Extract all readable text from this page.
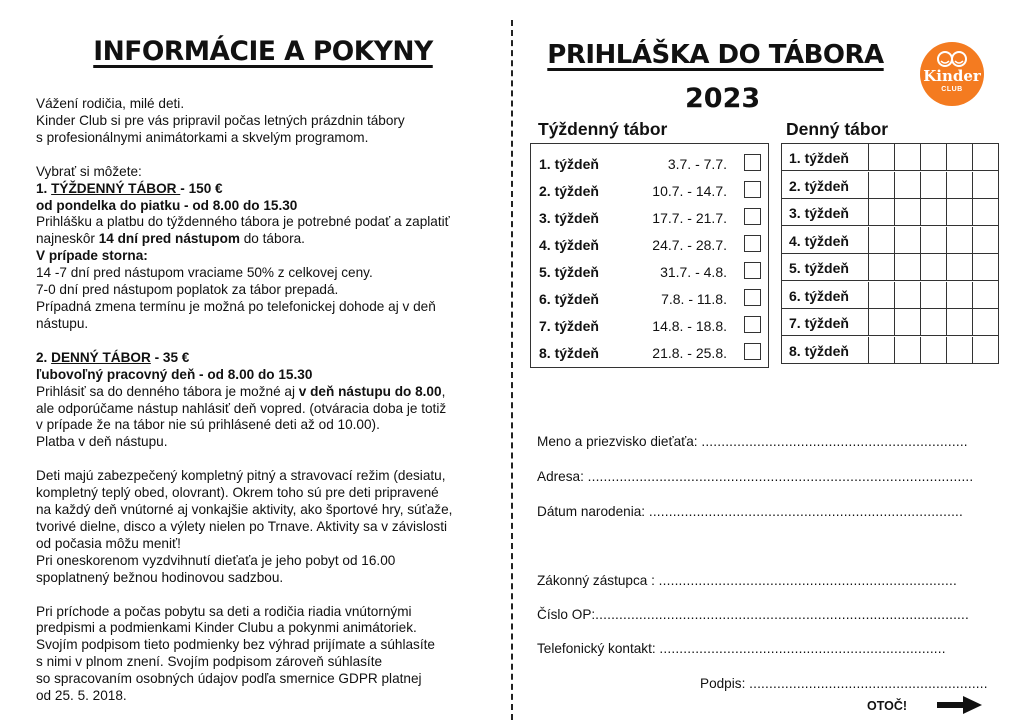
INFORMÁCIE A POKYNY

Vážení rodičia, milé deti.

Kinder Club si pre vás pripravil počas letných prázdnin tábory

s profesionálnymi animátorkami a skvelým programom.

Vybrať si môžete:

1. TÝŽDENNÝ TÁBOR - 150 €

od pondelka do piatku - od 8.00 do 15.30

Prihlášku a platbu do týždenného tábora je potrebné podať a zaplatiť

najneskôr 14 dní pred nástupom do tábora.

V prípade storna:

14 -7 dní pred nástupom vraciame 50% z celkovej ceny.

7-0 dní pred nástupom poplatok za tábor prepadá.

Prípadná zmena termínu je možná po telefonickej dohode aj v deň

nástupu.

2. DENNÝ TÁBOR - 35 €

ľubovoľný pracovný deň - od 8.00 do 15.30

Prihlásiť sa do denného tábora je možné aj v deň nástupu do 8.00,

ale odporúčame nástup nahlásiť deň vopred. (otváracia doba je totiž

v prípade že na tábor nie sú prihlásené deti až od 10.00).

Platba v deň nástupu.

Deti majú zabezpečený kompletný pitný a stravovací režim (desiatu,

kompletný teplý obed, olovrant). Okrem toho sú pre deti pripravené

na každý deň vnútorné aj vonkajšie aktivity, ako športové hry, súťaže,

tvorivé dielne, disco a výlety nielen po Trnave. Aktivity sa v závislosti

od počasia môžu meniť!

Pri oneskorenom vyzdvihnutí dieťaťa je jeho pobyt od 16.00

spoplatnený bežnou hodinovou sadzbou.

Pri príchode a počas pobytu sa deti a rodičia riadia vnútornými

predpismi a podmienkami Kinder Clubu a pokynmi animátoriek.

Svojím podpisom tieto podmienky bez výhrad prijímate a súhlasíte

s nimi v plnom znení. Svojím podpisom zároveň súhlasíte

so spracovaním osobných údajov podľa smernice GDPR platnej

od 25. 5. 2018.

PRIHLÁŠKA DO TÁBORA
2023
Kinder
CLUB
Týždenný tábor	Denný tábor
1. týždeň	3.7. - 7.7.
2. týždeň	10.7. - 14.7.
3. týždeň	17.7. - 21.7.
4. týždeň	24.7. - 28.7.
5. týždeň	31.7. - 4.8.
6. týždeň	7.8. - 11.8.
7. týždeň	14.8. - 18.8.
8. týždeň	21.8. - 25.8.
1. týždeň
2. týždeň
3. týždeň
4. týždeň
5. týždeň
6. týždeň
7. týždeň
8. týždeň
Meno a priezvisko dieťaťa: ...................................................................
Adresa: .................................................................................................
Dátum narodenia: ...............................................................................
Zákonný zástupca : ...........................................................................
Číslo OP:..............................................................................................
Telefonický kontakt: ........................................................................
Podpis: ............................................................
OTOČ!
